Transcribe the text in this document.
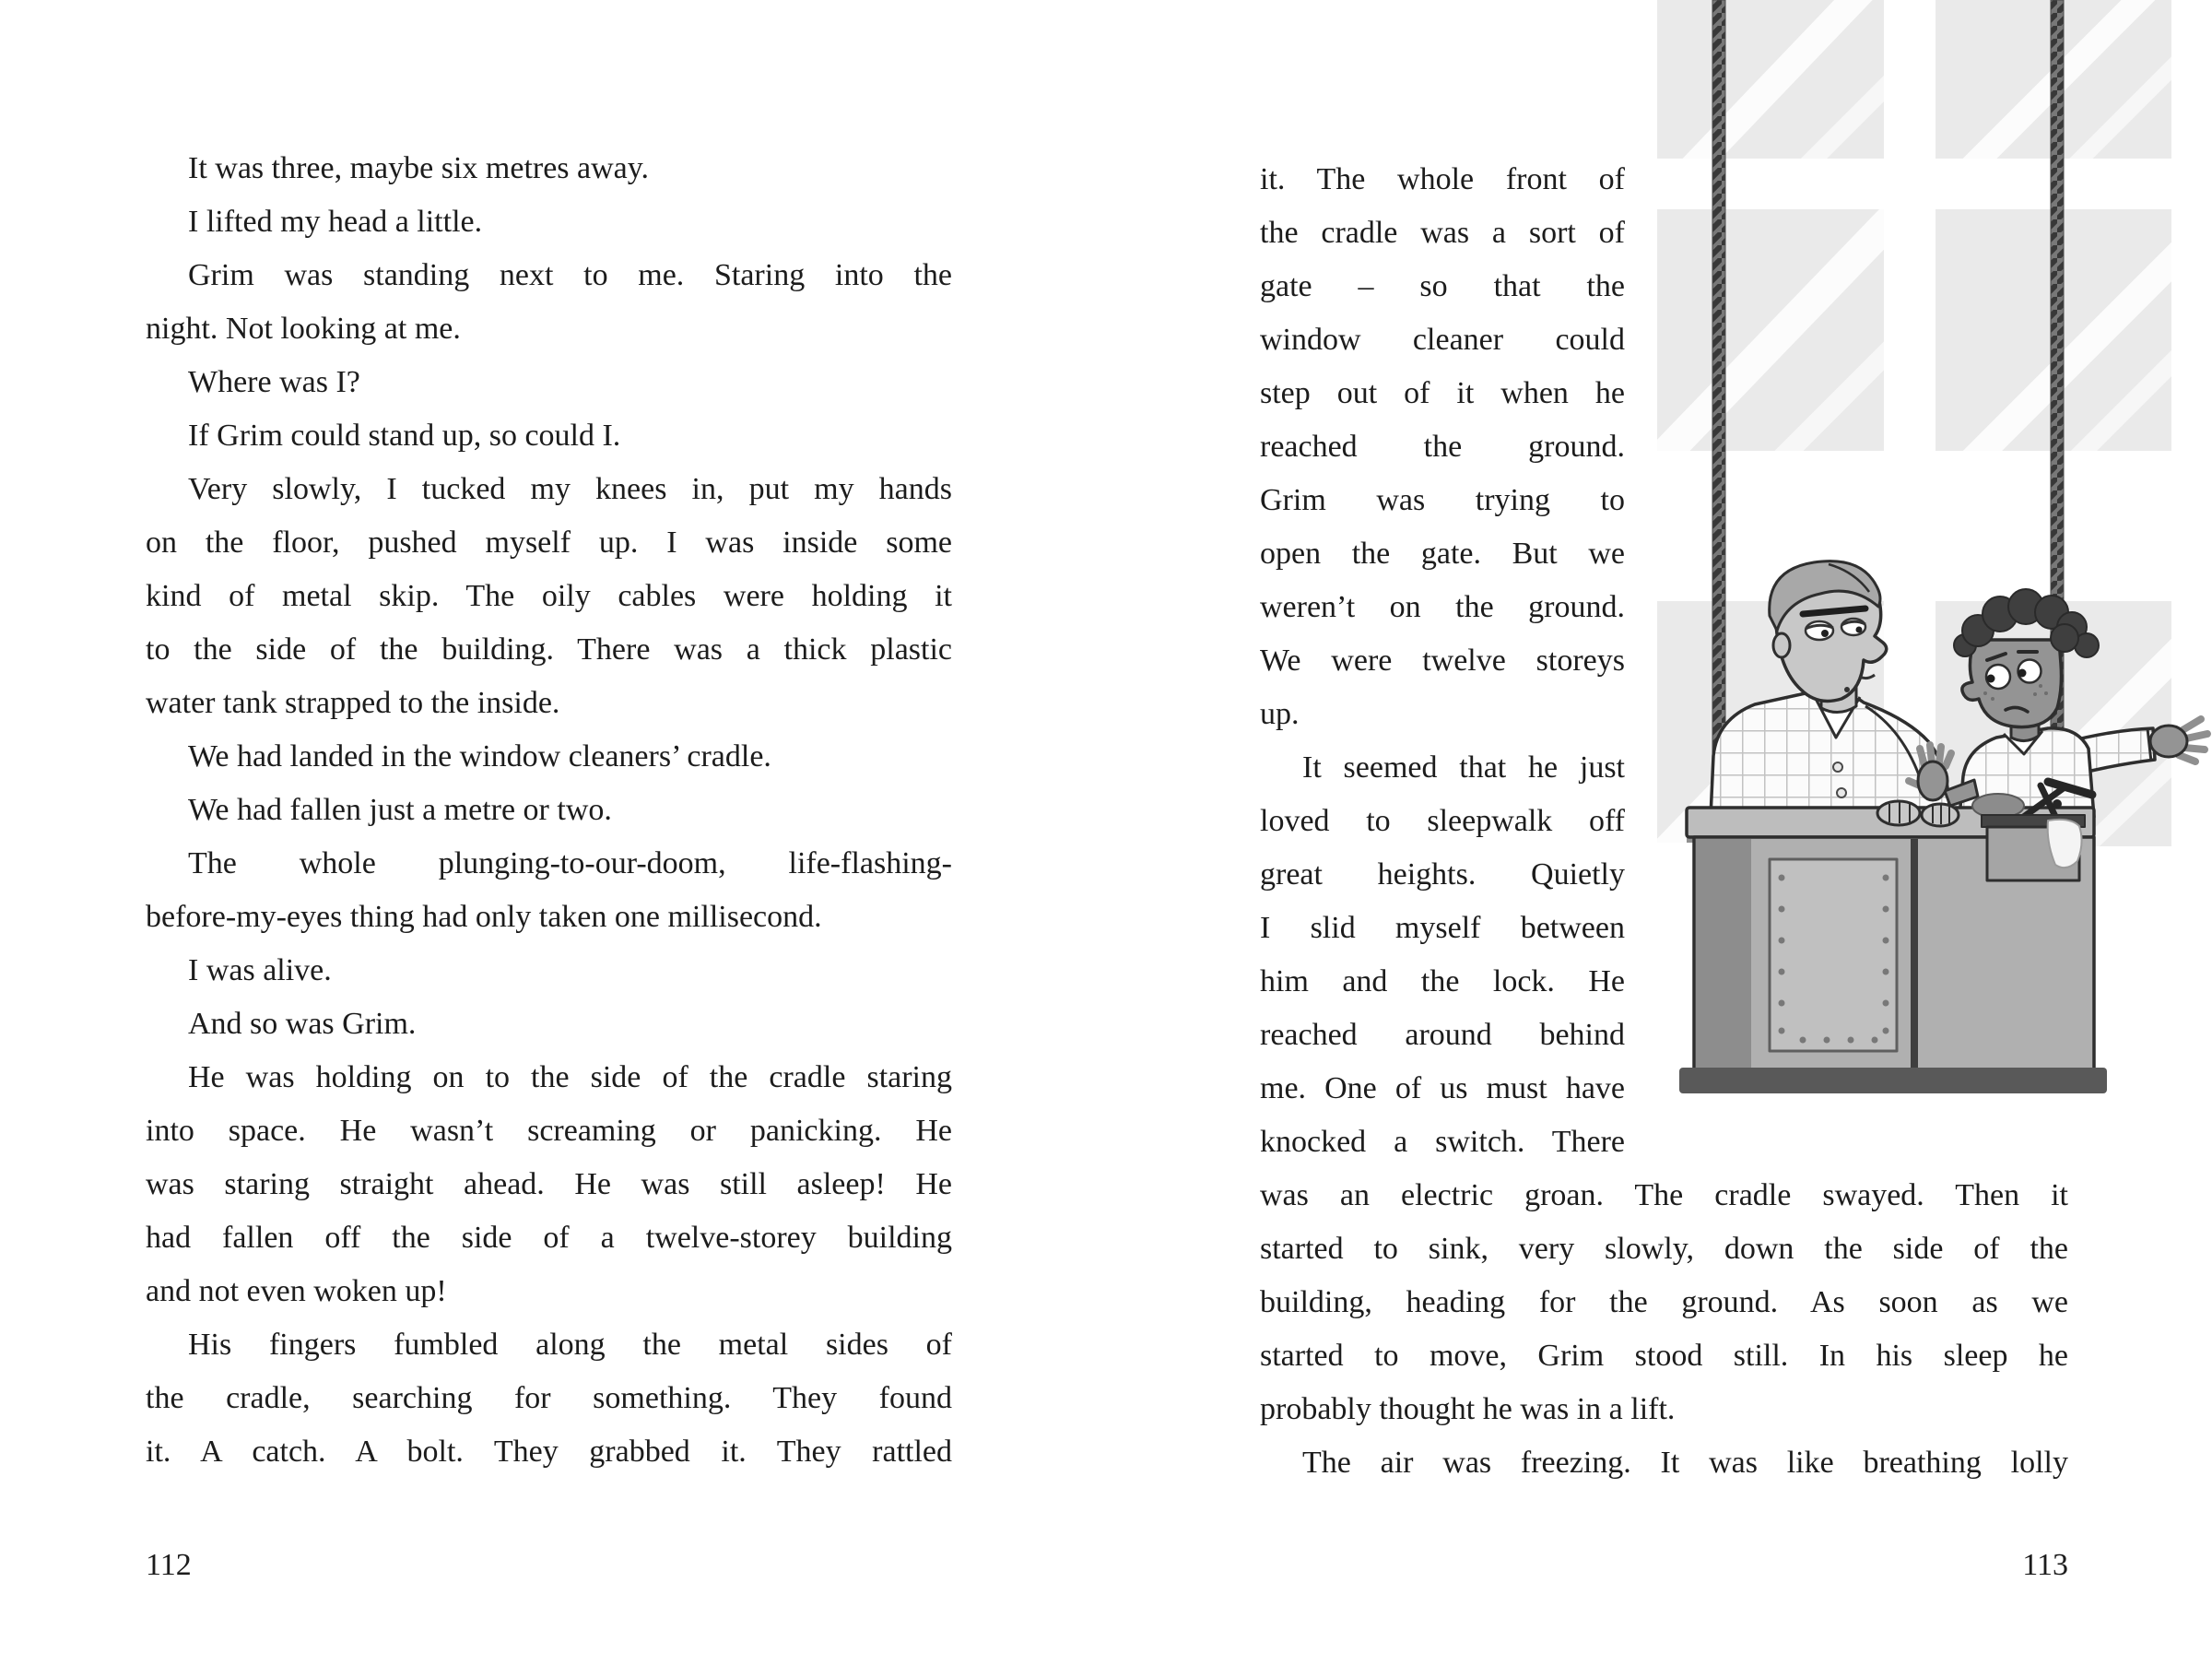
It was three, maybe six metres away.
I lifted my head a little.
Grim was standing next to me. Staring into the
night. Not looking at me.
Where was I?
If Grim could stand up, so could I.
Very slowly, I tucked my knees in, put my hands
on the floor, pushed myself up. I was inside some
kind of metal skip. The oily cables were holding it
to the side of the building. There was a thick plastic
water tank strapped to the inside.
We had landed in the window cleaners’ cradle.
We had fallen just a metre or two.
The whole plunging-to-our-doom, life-flashing-
before-my-eyes thing had only taken one millisecond.
I was alive.
And so was Grim.
He was holding on to the side of the cradle staring
into space. He wasn’t screaming or panicking. He
was staring straight ahead. He was still asleep! He
had fallen off the side of a twelve-storey building
and not even woken up!
His fingers fumbled along the metal sides of
the cradle, searching for something. They found
it. A catch. A bolt. They grabbed it. They rattled
it. The whole front of
the cradle was a sort of
gate – so that the
window cleaner could
step out of it when he
reached the ground.
Grim was trying to
open the gate. But we
weren’t on the ground.
We were twelve storeys
up.
It seemed that he just
loved to sleepwalk off
great heights. Quietly
I slid myself between
him and the lock. He
reached around behind
me. One of us must have
knocked a switch. There
was an electric groan. The cradle swayed. Then it
started to sink, very slowly, down the side of the
building, heading for the ground. As soon as we
started to move, Grim stood still. In his sleep he
probably thought he was in a lift.
The air was freezing. It was like breathing lolly
112	113
